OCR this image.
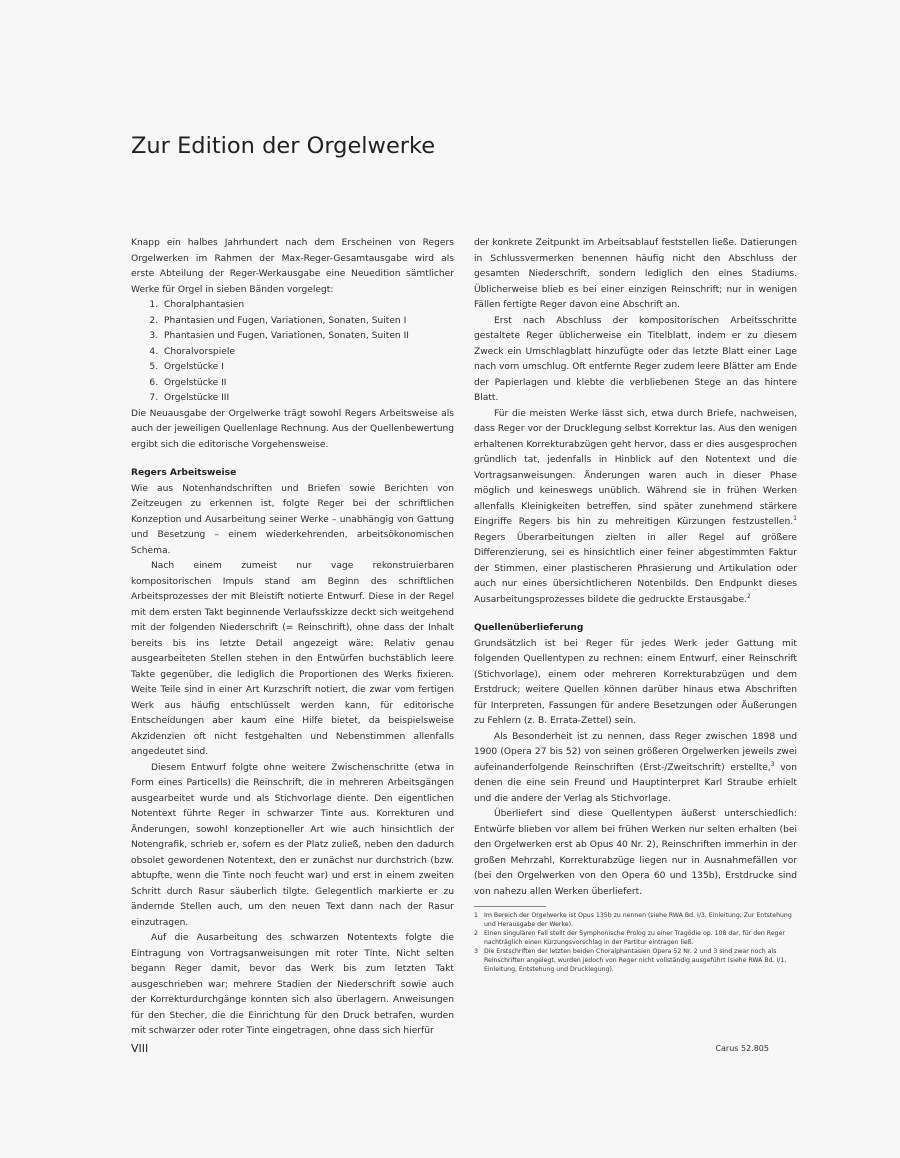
Zur Edition der Orgelwerke

Knapp ein halbes Jahrhundert nach dem Erscheinen von Regers Orgelwerken im Rahmen der Max-Reger-Gesamtausgabe wird als erste Abteilung der Reger-Werkausgabe eine Neuedition sämtlicher Werke für Orgel in sieben Bänden vorgelegt:

1. Choralphantasien
2. Phantasien und Fugen, Variationen, Sonaten, Suiten I
3. Phantasien und Fugen, Variationen, Sonaten, Suiten II
4. Choralvorspiele
5. Orgelstücke I
6. Orgelstücke II
7. Orgelstücke III

Die Neuausgabe der Orgelwerke trägt sowohl Regers Arbeitsweise als auch der jeweiligen Quellenlage Rechnung. Aus der Quellenbewertung ergibt sich die editorische Vorgehensweise.

Regers Arbeitsweise

Wie aus Notenhandschriften und Briefen sowie Berichten von Zeitzeugen zu erkennen ist, folgte Reger bei der schriftlichen Konzeption und Ausarbeitung seiner Werke – unabhängig von Gattung und Besetzung – einem wiederkehrenden, arbeitsökonomischen Schema.

Nach einem zumeist nur vage rekonstruierbaren kompositorischen Impuls stand am Beginn des schriftlichen Arbeitsprozesses der mit Bleistift notierte Entwurf. Diese in der Regel mit dem ersten Takt beginnende Verlaufsskizze deckt sich weitgehend mit der folgenden Niederschrift (= Reinschrift), ohne dass der Inhalt bereits bis ins letzte Detail angezeigt wäre: Relativ genau ausgearbeiteten Stellen stehen in den Entwürfen buchstäblich leere Takte gegenüber, die lediglich die Proportionen des Werks fixieren. Weite Teile sind in einer Art Kurzschrift notiert, die zwar vom fertigen Werk aus häufig entschlüsselt werden kann, für editorische Entscheidungen aber kaum eine Hilfe bietet, da beispielsweise Akzidenzien oft nicht festgehalten und Nebenstimmen allenfalls angedeutet sind.

Diesem Entwurf folgte ohne weitere Zwischenschritte (etwa in Form eines Particells) die Reinschrift, die in mehreren Arbeitsgängen ausgearbeitet wurde und als Stichvorlage diente. Den eigentlichen Notentext führte Reger in schwarzer Tinte aus. Korrekturen und Änderungen, sowohl konzeptioneller Art wie auch hinsichtlich der Notengrafik, schrieb er, sofern es der Platz zuließ, neben den dadurch obsolet gewordenen Notentext, den er zunächst nur durchstrich (bzw. abtupfte, wenn die Tinte noch feucht war) und erst in einem zweiten Schritt durch Rasur säuberlich tilgte. Gelegentlich markierte er zu ändernde Stellen auch, um den neuen Text dann nach der Rasur einzutragen.

Auf die Ausarbeitung des schwarzen Notentexts folgte die Eintragung von Vortragsanweisungen mit roter Tinte. Nicht selten begann Reger damit, bevor das Werk bis zum letzten Takt ausgeschrieben war; mehrere Stadien der Niederschrift sowie auch der Korrekturdurchgänge konnten sich also überlagern. Anweisungen für den Stecher, die die Einrichtung für den Druck betrafen, wurden mit schwarzer oder roter Tinte eingetragen, ohne dass sich hierfür

der konkrete Zeitpunkt im Arbeitsablauf feststellen ließe. Datierungen in Schlussvermerken benennen häufig nicht den Abschluss der gesamten Niederschrift, sondern lediglich den eines Stadiums. Üblicherweise blieb es bei einer einzigen Reinschrift; nur in wenigen Fällen fertigte Reger davon eine Abschrift an.

Erst nach Abschluss der kompositorischen Arbeitsschritte gestaltete Reger üblicherweise ein Titelblatt, indem er zu diesem Zweck ein Umschlagblatt hinzufügte oder das letzte Blatt einer Lage nach vorn umschlug. Oft entfernte Reger zudem leere Blätter am Ende der Papierlagen und klebte die verbliebenen Stege an das hintere Blatt.

Für die meisten Werke lässt sich, etwa durch Briefe, nachweisen, dass Reger vor der Drucklegung selbst Korrektur las. Aus den wenigen erhaltenen Korrekturabzügen geht hervor, dass er dies ausgesprochen gründlich tat, jedenfalls in Hinblick auf den Notentext und die Vortragsanweisungen. Änderungen waren auch in dieser Phase möglich und keineswegs unüblich. Während sie in frühen Werken allenfalls Kleinigkeiten betreffen, sind später zunehmend stärkere Eingriffe Regers bis hin zu mehreitigen Kürzungen festzustellen.$^1$ Regers Überarbeitungen zielten in aller Regel auf größere Differenzierung, sei es hinsichtlich einer feiner abgestimmten Faktur der Stimmen, einer plastischeren Phrasierung und Artikulation oder auch nur eines übersichtlicheren Notenbilds. Den Endpunkt dieses Ausarbeitungsprozesses bildete die gedruckte Erstausgabe.$^2$

Quellenüberlieferung

Grundsätzlich ist bei Reger für jedes Werk jeder Gattung mit folgenden Quellentypen zu rechnen: einem Entwurf, einer Reinschrift (Stichvorlage), einem oder mehreren Korrekturabzügen und dem Erstdruck; weitere Quellen können darüber hinaus etwa Abschriften für Interpreten, Fassungen für andere Besetzungen oder Äußerungen zu Fehlern (z. B. Errata-Zettel) sein.

Als Besonderheit ist zu nennen, dass Reger zwischen 1898 und 1900 (Opera 27 bis 52) von seinen größeren Orgelwerken jeweils zwei aufeinanderfolgende Reinschriften (Erst-/Zweitschrift) erstellte,$^3$ von denen die eine sein Freund und Hauptinterpret Karl Straube erhielt und die andere der Verlag als Stichvorlage.

Überliefert sind diese Quellentypen äußerst unterschiedlich: Entwürfe blieben vor allem bei frühen Werken nur selten erhalten (bei den Orgelwerken erst ab Opus 40 Nr. 2), Reinschriften immerhin in der großen Mehrzahl, Korrekturabzüge liegen nur in Ausnahmefällen vor (bei den Orgelwerken von den Opera 60 und 135b), Erstdrucke sind von nahezu allen Werken überliefert.

1 Im Bereich der Orgelwerke ist Opus 135b zu nennen (siehe RWA Bd. I/3, Einleitung, Zur Entstehung und Herausgabe der Werke).
2 Einen singulären Fall stellt der Symphonische Prolog zu einer Tragödie op. 108 dar, für den Reger nachträglich einen Kürzungsvorschlag in der Partitur eintragen ließ.
3 Die Erstschriften der letzten beiden Choralphantasien Opera 52 Nr. 2 und 3 sind zwar noch als Reinschriften angelegt, wurden jedoch von Reger nicht vollständig ausgeführt (siehe RWA Bd. I/1, Einleitung, Entstehung und Drucklegung).
VIII	Carus 52.805
